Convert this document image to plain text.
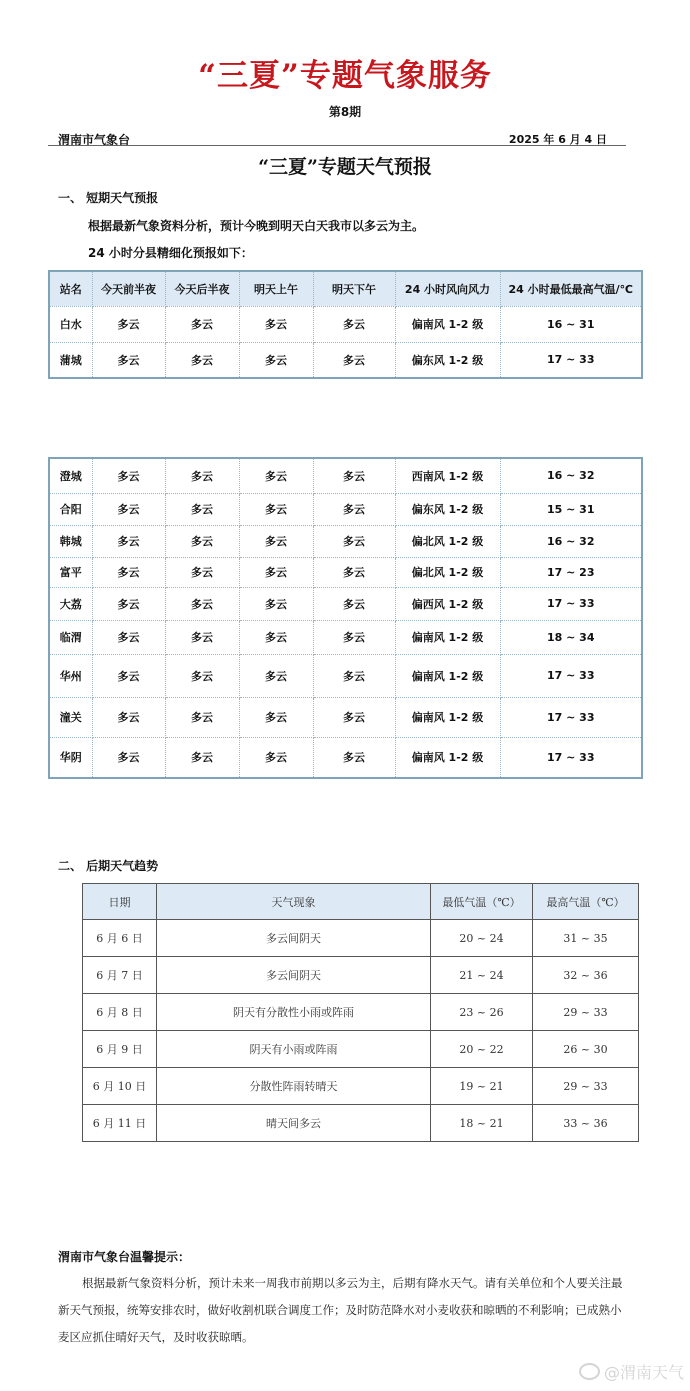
“三夏”专题气象服务
第8期
渭南市气象台	2025 年 6 月 4 日
“三夏”专题天气预报
一、 短期天气预报
根据最新气象资料分析，预计今晚到明天白天我市以多云为主。
24 小时分县精细化预报如下：
站名	今天前半夜	今天后半夜	明天上午	明天下午	24 小时风向风力	24 小时最低最高气温/℃
白水	多云	多云	多云	多云	偏南风 1-2 级	16 ~ 31
蒲城	多云	多云	多云	多云	偏东风 1-2 级	17 ~ 33
澄城	多云	多云	多云	多云	西南风 1-2 级	16 ~ 32
合阳	多云	多云	多云	多云	偏东风 1-2 级	15 ~ 31
韩城	多云	多云	多云	多云	偏北风 1-2 级	16 ~ 32
富平	多云	多云	多云	多云	偏北风 1-2 级	17 ~ 23
大荔	多云	多云	多云	多云	偏西风 1-2 级	17 ~ 33
临渭	多云	多云	多云	多云	偏南风 1-2 级	18 ~ 34
华州	多云	多云	多云	多云	偏南风 1-2 级	17 ~ 33
潼关	多云	多云	多云	多云	偏南风 1-2 级	17 ~ 33
华阴	多云	多云	多云	多云	偏南风 1-2 级	17 ~ 33
二、 后期天气趋势
日期	天气现象	最低气温（℃）	最高气温（℃）
6 月 6 日	多云间阴天	20 ~ 24	31 ~ 35
6 月 7 日	多云间阴天	21 ~ 24	32 ~ 36
6 月 8 日	阴天有分散性小雨或阵雨	23 ~ 26	29 ~ 33
6 月 9 日	阴天有小雨或阵雨	20 ~ 22	26 ~ 30
6 月 10 日	分散性阵雨转晴天	19 ~ 21	29 ~ 33
6 月 11 日	晴天间多云	18 ~ 21	33 ~ 36
渭南市气象台温馨提示：
根据最新气象资料分析，预计未来一周我市前期以多云为主，后期有降水天气。请有关单位和个人要关注最新天气预报，统筹安排农时，做好收割机联合调度工作；及时防范降水对小麦收获和晾晒的不利影响；已成熟小麦区应抓住晴好天气，及时收获晾晒。
@渭南天气
